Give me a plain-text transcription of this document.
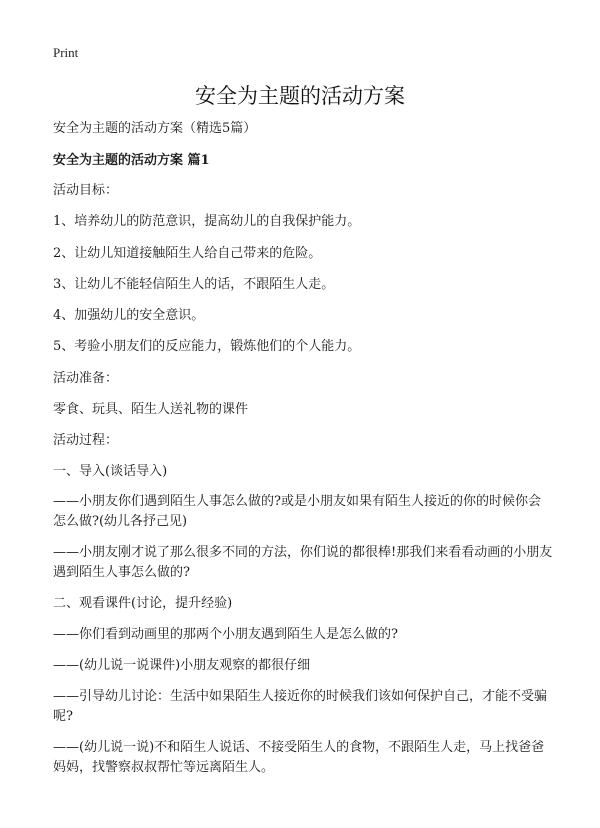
Print
安全为主题的活动方案
安全为主题的活动方案（精选5篇）
安全为主题的活动方案 篇1
活动目标：
1、培养幼儿的防范意识，提高幼儿的自我保护能力。
2、让幼儿知道接触陌生人给自己带来的危险。
3、让幼儿不能轻信陌生人的话，不跟陌生人走。
4、加强幼儿的安全意识。
5、考验小朋友们的反应能力，锻炼他们的个人能力。
活动准备：
零食、玩具、陌生人送礼物的课件
活动过程：
一、导入(谈话导入)
——小朋友你们遇到陌生人事怎么做的?或是小朋友如果有陌生人接近的你的时候你会怎么做?(幼儿各抒己见)
——小朋友刚才说了那么很多不同的方法，你们说的都很棒!那我们来看看动画的小朋友遇到陌生人事怎么做的?
二、观看课件(讨论，提升经验)
——你们看到动画里的那两个小朋友遇到陌生人是怎么做的?
——(幼儿说一说课件)小朋友观察的都很仔细
——引导幼儿讨论：生活中如果陌生人接近你的时候我们该如何保护自己，才能不受骗呢?
——(幼儿说一说)不和陌生人说话、不接受陌生人的食物，不跟陌生人走，马上找爸爸妈妈，找警察叔叔帮忙等远离陌生人。
